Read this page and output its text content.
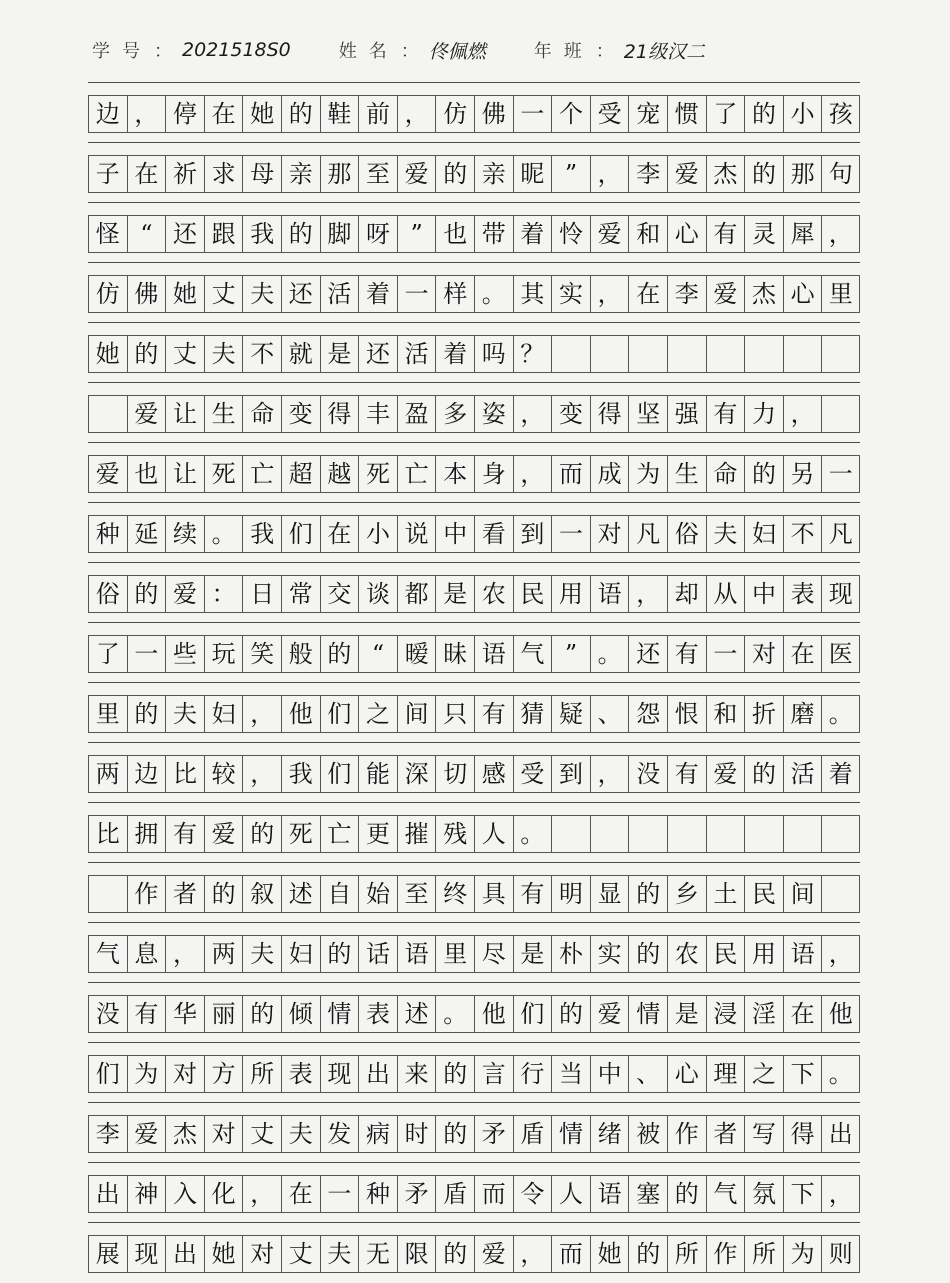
学号 ： 2021518S0	姓名 ： 佟佩燃	年班 ： 21级汉二
边 ， 停 在 她 的 鞋 前 ， 仿 佛 一 个 受 宠 惯 了 的 小 孩
子 在 祈 求 母 亲 那 至 爱 的 亲 昵 ” ， 李 爱 杰 的 那 句
怪 “ 还 跟 我 的 脚 呀 ” 也 带 着 怜 爱 和 心 有 灵 犀 ，
仿 佛 她 丈 夫 还 活 着 一 样 。 其 实 ， 在 李 爱 杰 心 里
她 的 丈 夫 不 就 是 还 活 着 吗 ？
爱 让 生 命 变 得 丰 盈 多 姿 ， 变 得 坚 强 有 力 ，
爱 也 让 死 亡 超 越 死 亡 本 身 ， 而 成 为 生 命 的 另 一
种 延 续 。 我 们 在 小 说 中 看 到 一 对 凡 俗 夫 妇 不 凡
俗 的 爱 ： 日 常 交 谈 都 是 农 民 用 语 ， 却 从 中 表 现
了 一 些 玩 笑 般 的 “ 暧 昧 语 气 ” 。 还 有 一 对 在 医
里 的 夫 妇 ， 他 们 之 间 只 有 猜 疑 、 怨 恨 和 折 磨 。
两 边 比 较 ， 我 们 能 深 切 感 受 到 ， 没 有 爱 的 活 着
比 拥 有 爱 的 死 亡 更 摧 残 人 。
作 者 的 叙 述 自 始 至 终 具 有 明 显 的 乡 土 民 间
气 息 ， 两 夫 妇 的 话 语 里 尽 是 朴 实 的 农 民 用 语 ，
没 有 华 丽 的 倾 情 表 述 。 他 们 的 爱 情 是 浸 淫 在 他
们 为 对 方 所 表 现 出 来 的 言 行 当 中 、 心 理 之 下 。
李 爱 杰 对 丈 夫 发 病 时 的 矛 盾 情 绪 被 作 者 写 得 出
出 神 入 化 ， 在 一 种 矛 盾 而 令 人 语 塞 的 气 氛 下 ，
展 现 出 她 对 丈 夫 无 限 的 爱 ， 而 她 的 所 作 所 为 则
